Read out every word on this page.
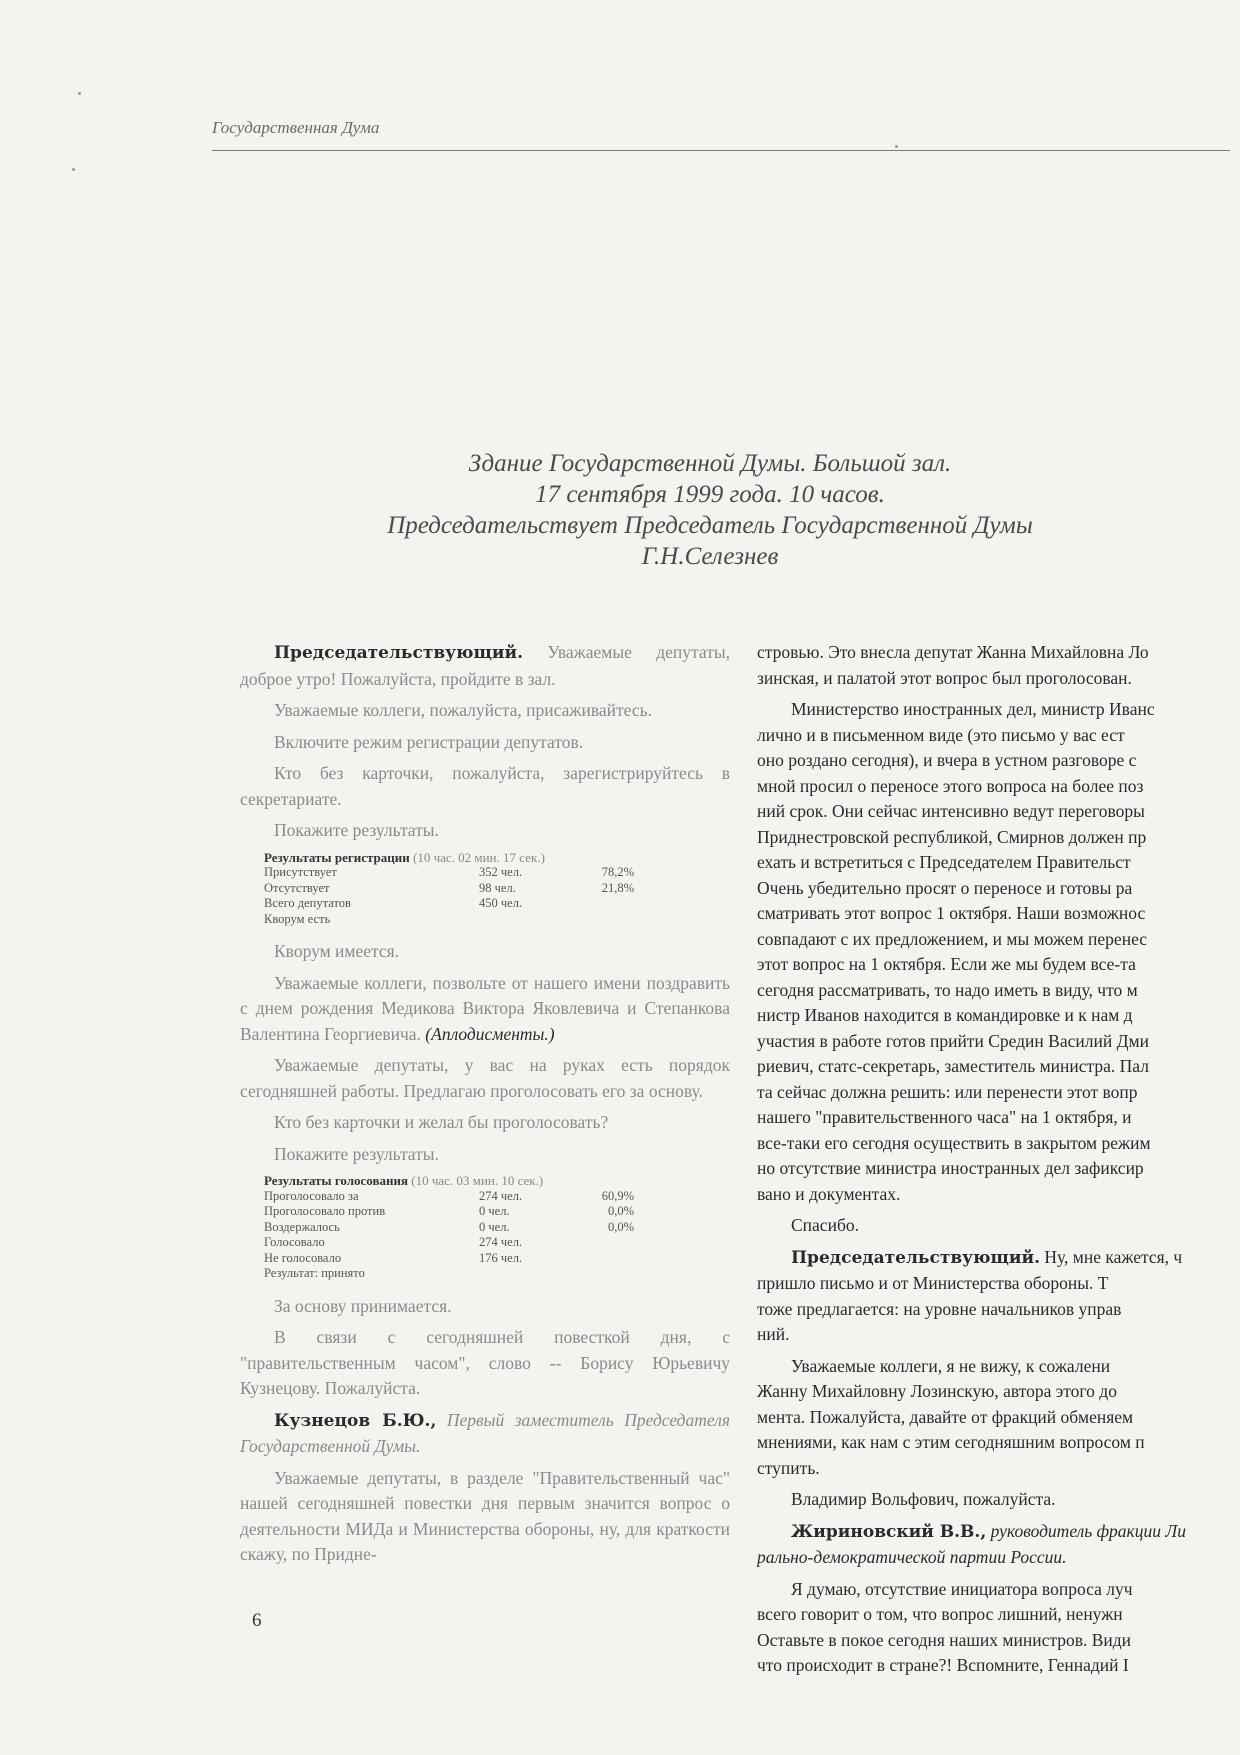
Государственная Дума
Здание Государственной Думы. Большой зал.
17 сентября 1999 года. 10 часов.
Председательствует Председатель Государственной Думы
Г.Н.Селезнев

Председательствующий. Уважаемые депутаты, доброе утро! Пожалуйста, пройдите в зал.

Уважаемые коллеги, пожалуйста, присаживайтесь.

Включите режим регистрации депутатов.

Кто без карточки, пожалуйста, зарегистрируйтесь в секретариате.

Покажите результаты.

Результаты регистрации (10 час. 02 мин. 17 сек.)
Присутствует	352 чел.	78,2%
Отсутствует	98 чел.	21,8%
Всего депутатов	450 чел.
Кворум есть

Кворум имеется.

Уважаемые коллеги, позвольте от нашего имени поздравить с днем рождения Медикова Виктора Яковлевича и Степанкова Валентина Георгиевича. (Аплодисменты.)

Уважаемые депутаты, у вас на руках есть порядок сегодняшней работы. Предлагаю проголосовать его за основу.

Кто без карточки и желал бы проголосовать?

Покажите результаты.

Результаты голосования (10 час. 03 мин. 10 сек.)
Проголосовало за	274 чел.	60,9%
Проголосовало против	0 чел.	0,0%
Воздержалось	0 чел.	0,0%
Голосовало	274 чел.
Не голосовало	176 чел.
Результат: принято

За основу принимается.

В связи с сегодняшней повесткой дня, с "правительственным часом", слово -- Борису Юрьевичу Кузнецову. Пожалуйста.

Кузнецов Б.Ю., Первый заместитель Председателя Государственной Думы.

Уважаемые депутаты, в разделе "Правительственный час" нашей сегодняшней повестки дня первым значится вопрос о деятельности МИДа и Министерства обороны, ну, для краткости скажу, по Придне-

стровью. Это внесла депутат Жанна Михайловна Ло
зинская, и палатой этот вопрос был проголосован.

Министерство иностранных дел, министр Иванс
лично и в письменном виде (это письмо у вас ест
оно роздано сегодня), и вчера в устном разговоре с
мной просил о переносе этого вопроса на более поз
ний срок. Они сейчас интенсивно ведут переговоры
Приднестровской республикой, Смирнов должен пр
ехать и встретиться с Председателем Правительст
Очень убедительно просят о переносе и готовы ра
сматривать этот вопрос 1 октября. Наши возможнос
совпадают с их предложением, и мы можем перенес
этот вопрос на 1 октября. Если же мы будем все-та
сегодня рассматривать, то надо иметь в виду, что м
нистр Иванов находится в командировке и к нам д
участия в работе готов прийти Средин Василий Дми
риевич, статс-секретарь, заместитель министра. Пал
та сейчас должна решить: или перенести этот вопр
нашего "правительственного часа" на 1 октября, и
все-таки его сегодня осуществить в закрытом режим
но отсутствие министра иностранных дел зафиксир
вано и документах.

Спасибо.

Председательствующий. Ну, мне кажется, ч
пришло письмо и от Министерства обороны. Т
тоже предлагается: на уровне начальников управ
ний.

Уважаемые коллеги, я не вижу, к сожалени
Жанну Михайловну Лозинскую, автора этого до
мента. Пожалуйста, давайте от фракций обменяем
мнениями, как нам с этим сегодняшним вопросом п
ступить.

Владимир Вольфович, пожалуйста.

Жириновский В.В., руководитель фракции Ли
рально-демократической партии России.

Я думаю, отсутствие инициатора вопроса луч
всего говорит о том, что вопрос лишний, ненужн
Оставьте в покое сегодня наших министров. Види
что происходит в стране?! Вспомните, Геннадий I

6
